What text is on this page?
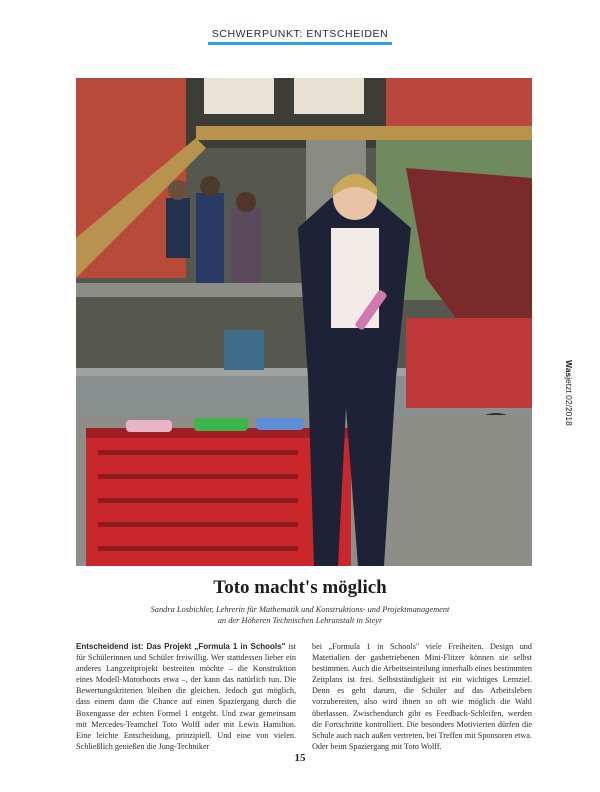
SCHWERPUNKT: ENTSCHEIDEN
Wasjetzt 02/2018
Toto macht's möglich
Sandra Losbichler, Lehrerin für Mathematik und Konstruktions- und Projektmanagement
an der Höheren Technischen Lehranstalt in Steyr
Entscheidend ist: Das Projekt „Formula 1 in Schools" ist für Schülerinnen und Schüler freiwillig. Wer stattdessen lieber ein anderes Langzeitprojekt bestreiten möchte – die Konstruktion eines Modell-Motorboots etwa –, der kann das natürlich tun. Die Bewertungskriterien bleiben die gleichen. Jedoch gut möglich, dass einem dann die Chance auf einen Spaziergang durch die Boxengasse der echten Formel 1 entgeht. Und zwar gemeinsam mit Mercedes-Teamchef Toto Wolff oder mit Lewis Hamilton. Eine leichte Entscheidung, prinzipiell. Und eine von vielen. Schließlich genießen die Jung-Techniker
bei „Formula 1 in Schools" viele Freiheiten. Design und Materialien der gasbetriebenen Mini-Flitzer können sie selbst bestimmen. Auch die Arbeitseinteilung innerhalb eines bestimmten Zeitplans ist frei. Selbstständigkeit ist ein wichtiges Lernziel. Denn es geht darum, die Schüler auf das Arbeitsleben vorzubereiten, also wird ihnen so oft wie möglich die Wahl überlassen. Zwischendurch gibt es Feedback-Schleifen, werden die Fortschritte kontrolliert. Die besonders Motivierten dürfen die Schule auch nach außen vertreten, bei Treffen mit Sponsoren etwa. Oder beim Spaziergang mit Toto Wolff.
15
